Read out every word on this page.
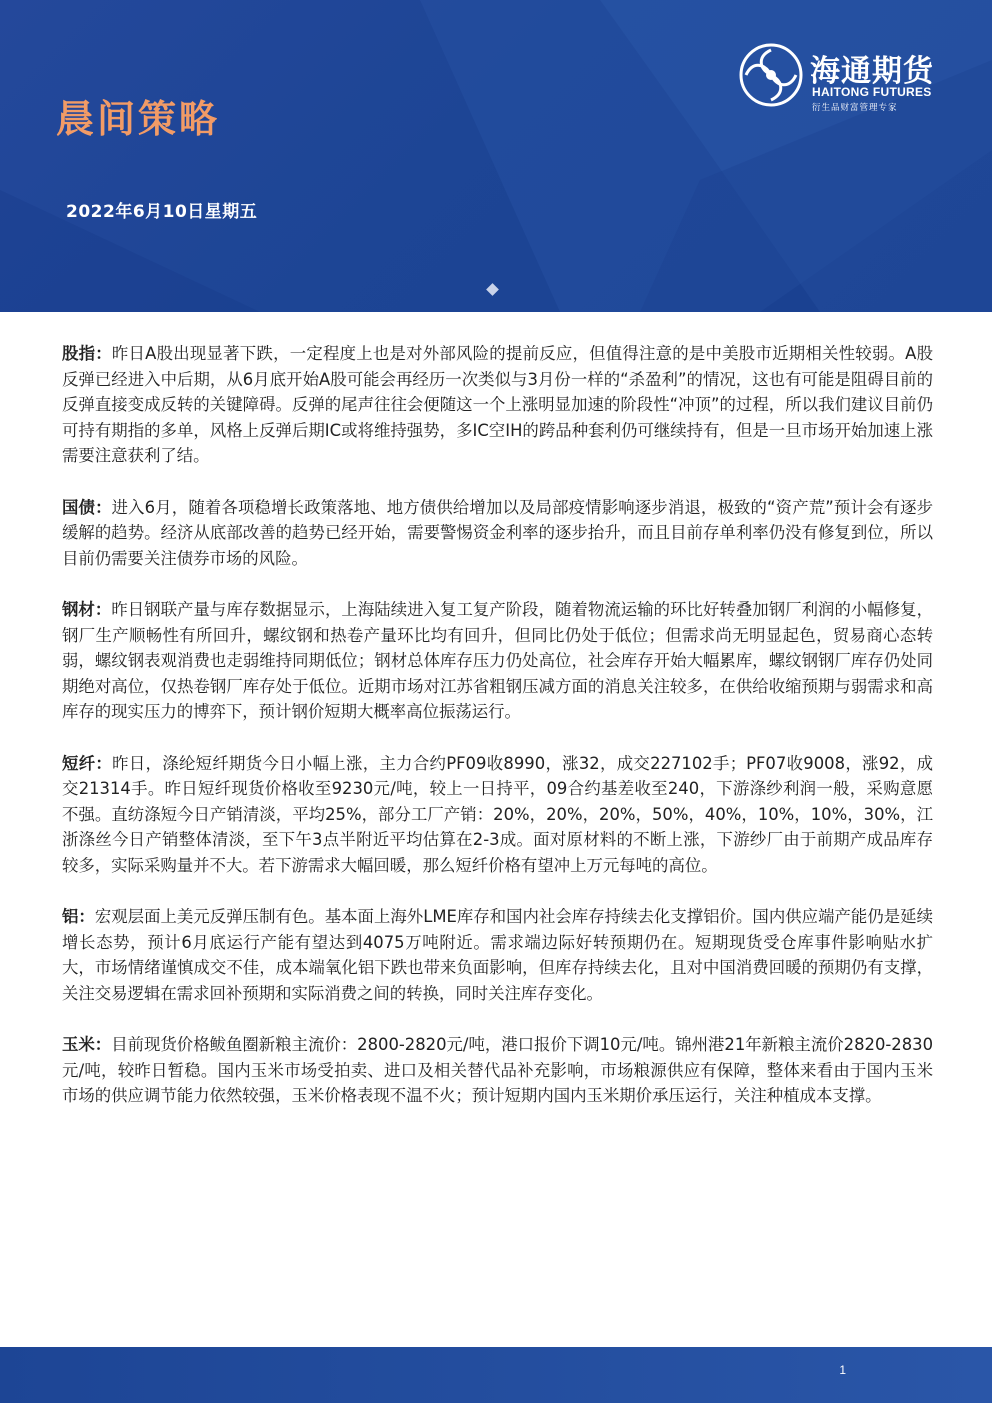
晨间策略
2022年6月10日星期五
海通期货
HAITONG FUTURES
衍生品财富管理专家

股指：昨日A股出现显著下跌，一定程度上也是对外部风险的提前反应，但值得注意的是中美股市近期相关性较弱。A股反弹已经进入中后期，从6月底开始A股可能会再经历一次类似与3月份一样的“杀盈利”的情况，这也有可能是阻碍目前的反弹直接变成反转的关键障碍。反弹的尾声往往会便随这一个上涨明显加速的阶段性“冲顶”的过程，所以我们建议目前仍可持有期指的多单，风格上反弹后期IC或将维持强势，多IC空IH的跨品种套利仍可继续持有，但是一旦市场开始加速上涨需要注意获利了结。

国债：进入6月，随着各项稳增长政策落地、地方债供给增加以及局部疫情影响逐步消退，极致的“资产荒”预计会有逐步缓解的趋势。经济从底部改善的趋势已经开始，需要警惕资金利率的逐步抬升，而且目前存单利率仍没有修复到位，所以目前仍需要关注债券市场的风险。

钢材：昨日钢联产量与库存数据显示，上海陆续进入复工复产阶段，随着物流运输的环比好转叠加钢厂利润的小幅修复，钢厂生产顺畅性有所回升，螺纹钢和热卷产量环比均有回升，但同比仍处于低位；但需求尚无明显起色，贸易商心态转弱，螺纹钢表观消费也走弱维持同期低位；钢材总体库存压力仍处高位，社会库存开始大幅累库，螺纹钢钢厂库存仍处同期绝对高位，仅热卷钢厂库存处于低位。近期市场对江苏省粗钢压减方面的消息关注较多，在供给收缩预期与弱需求和高库存的现实压力的博弈下，预计钢价短期大概率高位振荡运行。

短纤：昨日，涤纶短纤期货今日小幅上涨，主力合约PF09收8990，涨32，成交227102手；PF07收9008，涨92，成交21314手。昨日短纤现货价格收至9230元/吨，较上一日持平，09合约基差收至240，下游涤纱利润一般，采购意愿不强。直纺涤短今日产销清淡，平均25%，部分工厂产销：20%，20%，20%，50%，40%，10%，10%，30%，江浙涤丝今日产销整体清淡，至下午3点半附近平均估算在2-3成。面对原材料的不断上涨，下游纱厂由于前期产成品库存较多，实际采购量并不大。若下游需求大幅回暖，那么短纤价格有望冲上万元每吨的高位。

铝：宏观层面上美元反弹压制有色。基本面上海外LME库存和国内社会库存持续去化支撑铝价。国内供应端产能仍是延续增长态势，预计6月底运行产能有望达到4075万吨附近。需求端边际好转预期仍在。短期现货受仓库事件影响贴水扩大，市场情绪谨慎成交不佳，成本端氧化铝下跌也带来负面影响，但库存持续去化，且对中国消费回暖的预期仍有支撑，关注交易逻辑在需求回补预期和实际消费之间的转换，同时关注库存变化。

玉米：目前现货价格鲅鱼圈新粮主流价：2800-2820元/吨，港口报价下调10元/吨。锦州港21年新粮主流价2820-2830元/吨，较昨日暂稳。国内玉米市场受拍卖、进口及相关替代品补充影响，市场粮源供应有保障，整体来看由于国内玉米市场的供应调节能力依然较强，玉米价格表现不温不火；预计短期内国内玉米期价承压运行，关注种植成本支撑。

1
